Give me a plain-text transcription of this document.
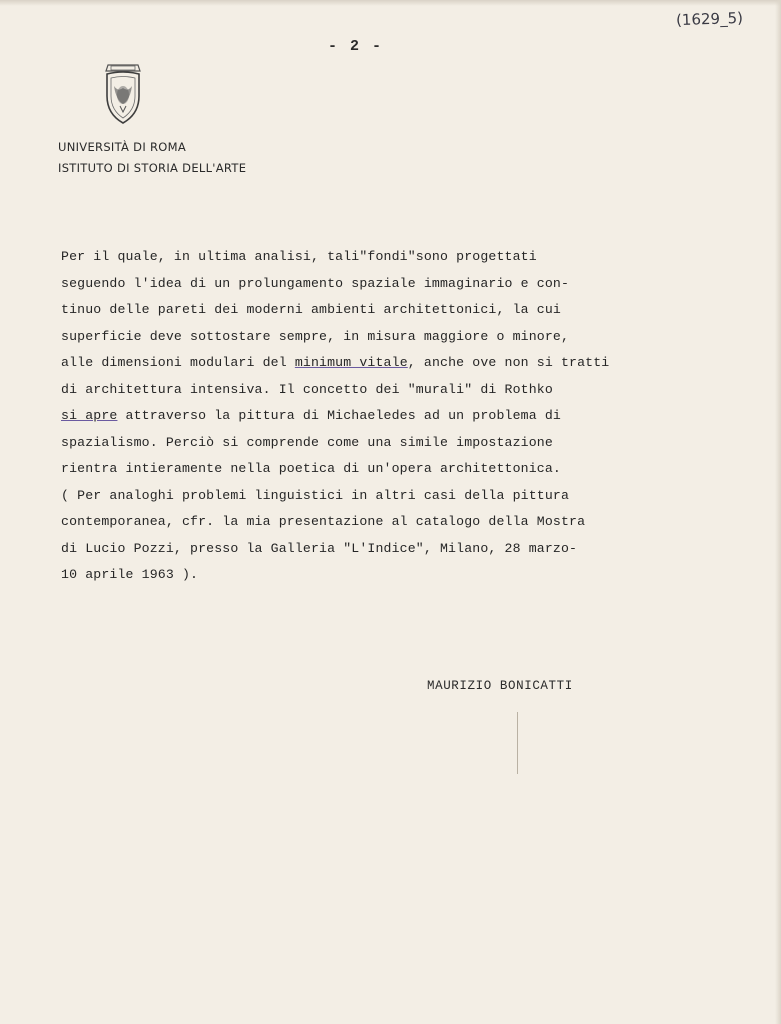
- 2 -
(1629_5)
UNIVERSITÀ DI ROMA
ISTITUTO DI STORIA DELL'ARTE
Per il quale, in ultima analisi, tali"fondi"sono progettati
seguendo l'idea di un prolungamento spaziale immaginario e con-
tinuo delle pareti dei moderni ambienti architettonici, la cui
superficie deve sottostare sempre, in misura maggiore o minore,
alle dimensioni modulari del minimum vitale, anche ove non si tratti
di architettura intensiva. Il concetto dei "murali" di Rothko
si apre attraverso la pittura di Michaeledes ad un problema di
spazialismo. Perciò si comprende come una simile impostazione
rientra intieramente nella poetica di un'opera architettonica.
( Per analoghi problemi linguistici in altri casi della pittura
contemporanea, cfr. la mia presentazione al catalogo della Mostra
di Lucio Pozzi, presso la Galleria "L'Indice", Milano, 28 marzo-
10 aprile 1963 ).
MAURIZIO BONICATTI
